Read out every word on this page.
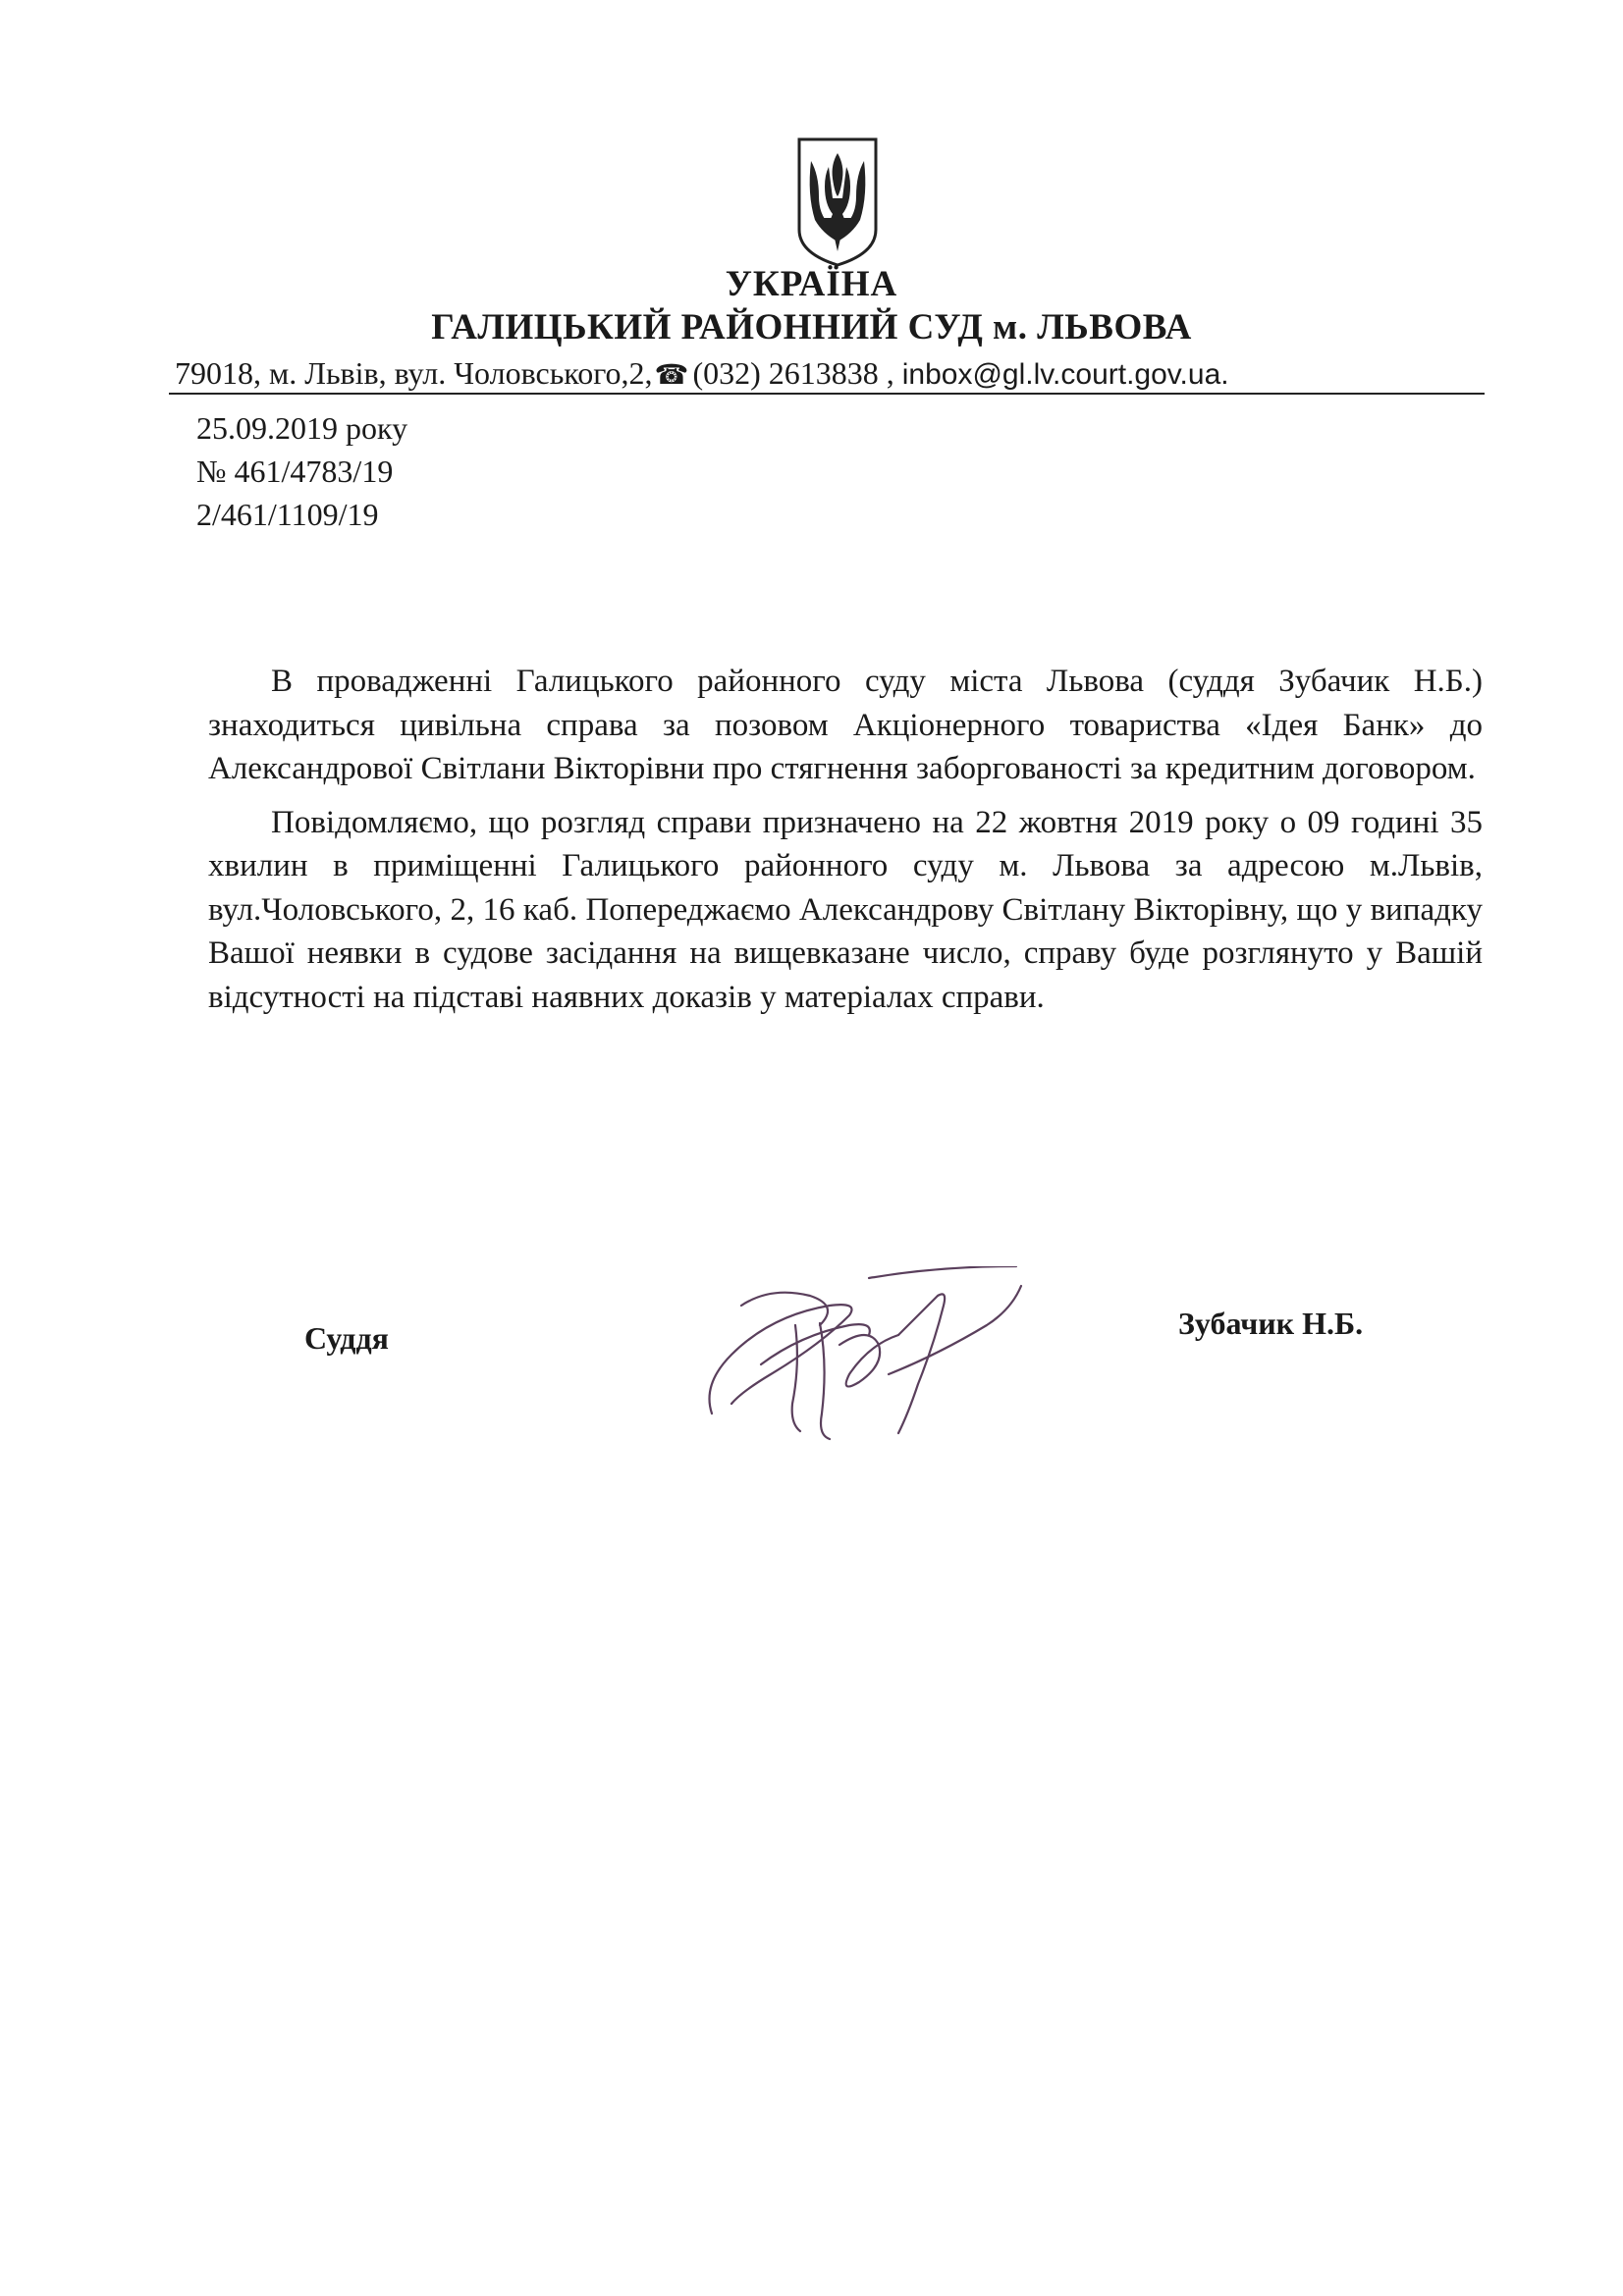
УКРАЇНА
ГАЛИЦЬКИЙ РАЙОННИЙ СУД м. ЛЬВОВА
79018, м. Львів, вул. Чоловського,2, ☎ (032) 2613838 ,
inbox@gl.lv.court.gov.ua.
25.09.2019 року
№ 461/4783/19
2/461/1109/19

В провадженні Галицького районного суду міста Львова (суддя Зубачик Н.Б.) знаходиться цивільна справа за позовом Акціонерного товариства «Ідея Банк» до Александрової Світлани Вікторівни про стягнення заборгованості за кредитним договором.

Повідомляємо, що розгляд справи призначено на 22 жовтня 2019 року о 09 годині 35 хвилин в приміщенні Галицького районного суду м. Львова за адресою м.Львів, вул.Чоловського, 2, 16 каб. Попереджаємо Александрову Світлану Вікторівну, що у випадку Вашої неявки в судове засідання на вищевказане число, справу буде розглянуто у Вашій відсутності на підставі наявних доказів у матеріалах справи.

Суддя	Зубачик Н.Б.
